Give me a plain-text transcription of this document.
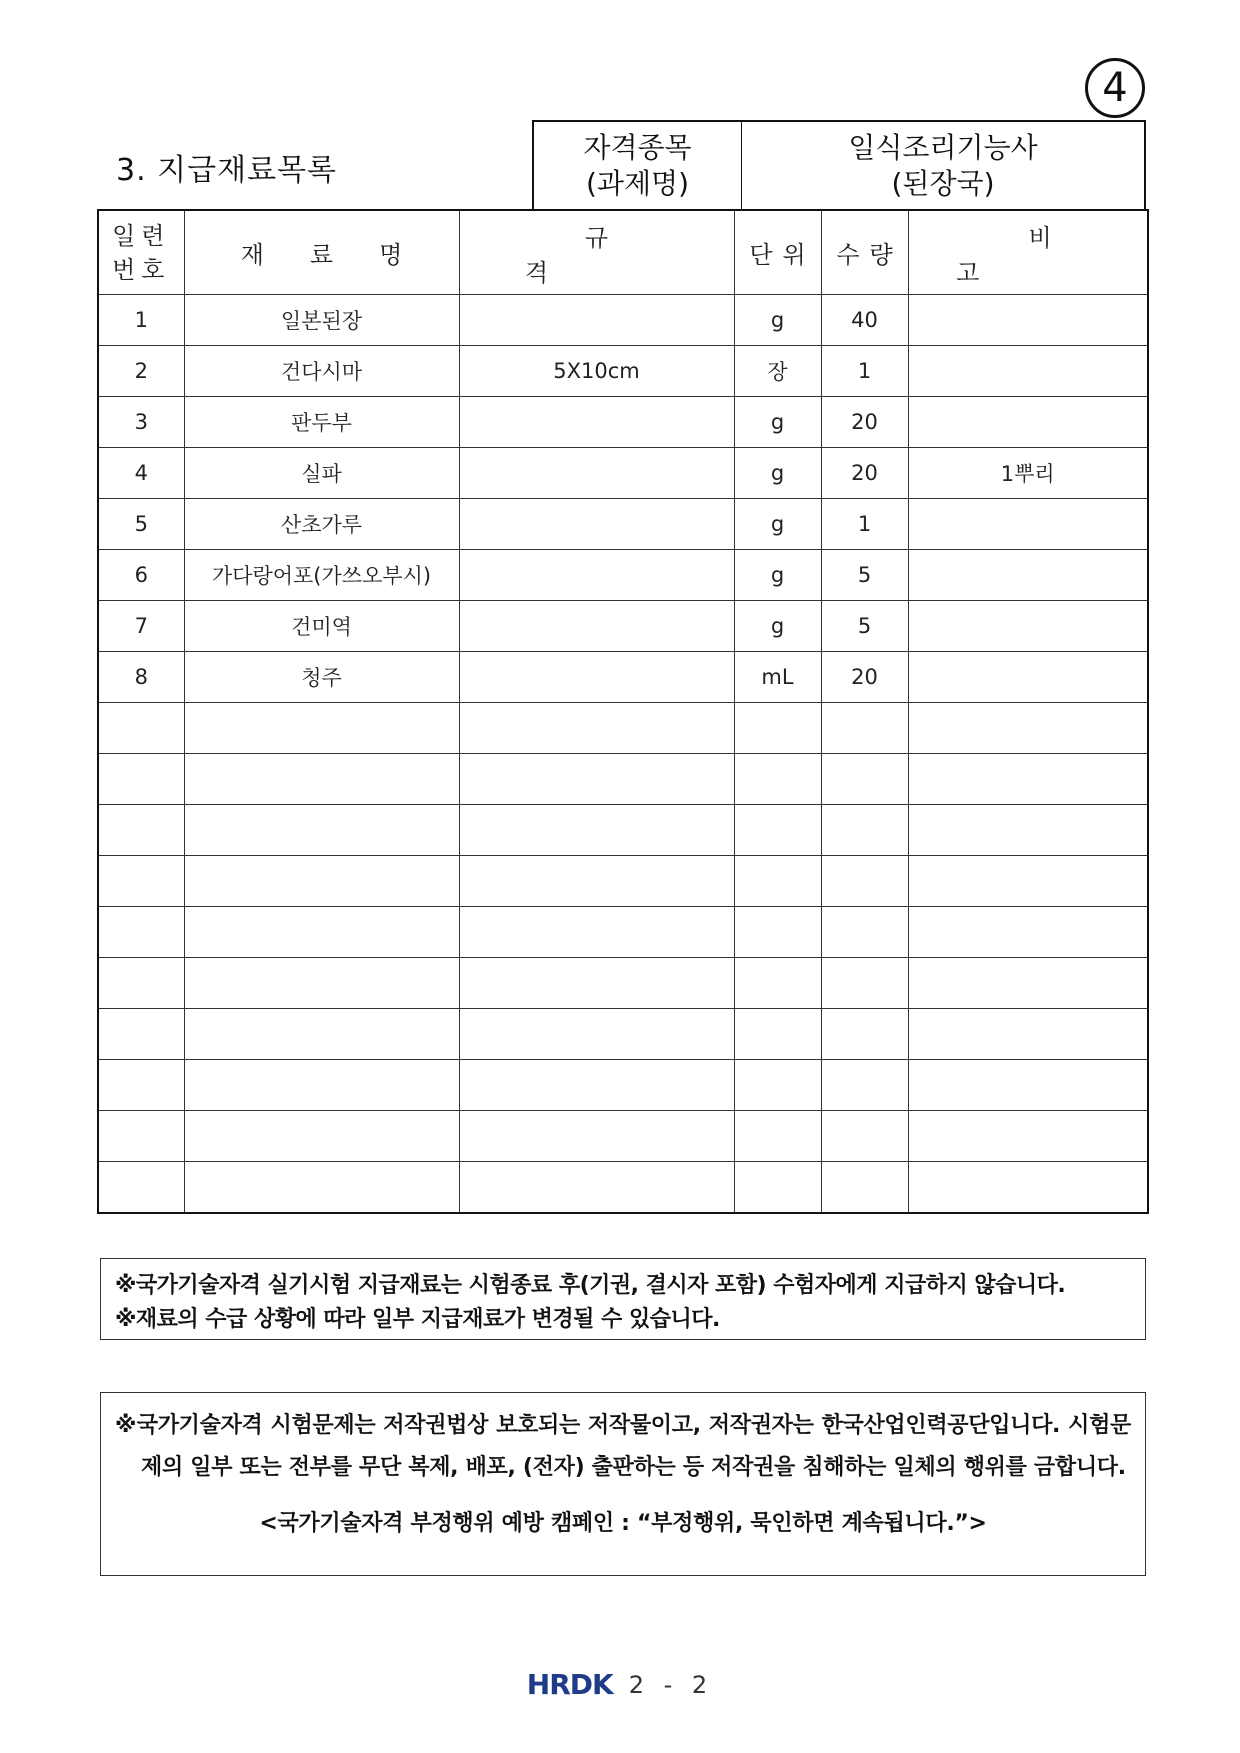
4
3. 지급재료목록
자격종목
(과제명)
일식조리기능사
(된장국)
일련
번호	재료명	규격	단위	수량	비고
1	일본된장		g	40	
2	건다시마	5X10cm	장	1	
3	판두부		g	20	
4	실파		g	20	1뿌리
5	산초가루		g	1	
6	가다랑어포(가쓰오부시)		g	5	
7	건미역		g	5	
8	청주		mL	20	

※국가기술자격 실기시험 지급재료는 시험종료 후(기권, 결시자 포함) 수험자에게 지급하지 않습니다.
※재료의 수급 상황에 따라 일부 지급재료가 변경될 수 있습니다.
※국가기술자격 시험문제는 저작권법상 보호되는 저작물이고, 저작권자는 한국산업인력공단입니다. 시험문제의 일부 또는 전부를 무단 복제, 배포, (전자) 출판하는 등 저작권을 침해하는 일체의 행위를 금합니다.
<국가기술자격 부정행위 예방 캠페인 : “부정행위, 묵인하면 계속됩니다.”>
HRDK 2 - 2
